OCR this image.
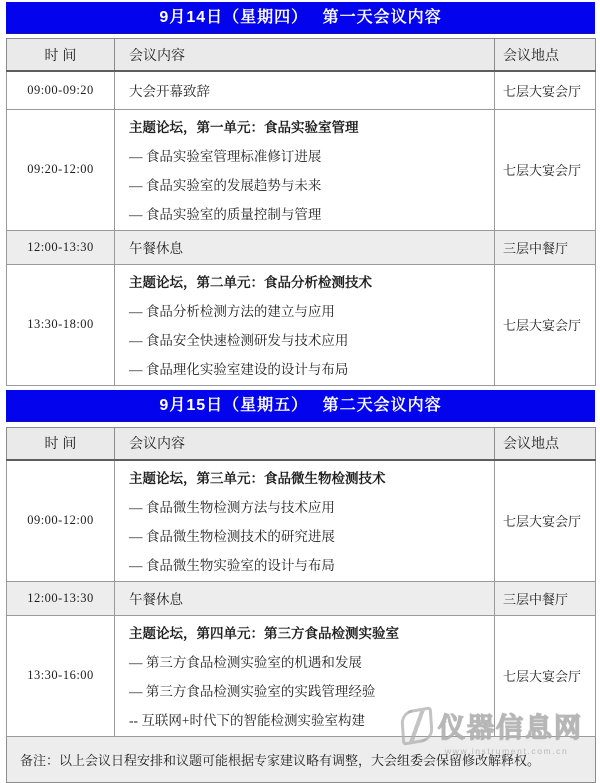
9月14日（星期四）　 第一天会议内容
时 间	会议内容	会议地点
09:00-09:20	大会开幕致辞	七层大宴会厅
09:20-12:00	主题论坛，第一单元：食品实验室管理
— 食品实验室管理标准修订进展
— 食品实验室的发展趋势与未来
— 食品实验室的质量控制与管理	七层大宴会厅
12:00-13:30	午餐休息	三层中餐厅
13:30-18:00	主题论坛，第二单元：食品分析检测技术
— 食品分析检测方法的建立与应用
— 食品安全快速检测研发与技术应用
— 食品理化实验室建设的设计与布局	七层大宴会厅
9月15日（星期五）　 第二天会议内容
时 间	会议内容	会议地点
09:00-12:00	主题论坛，第三单元：食品微生物检测技术
— 食品微生物检测方法与技术应用
— 食品微生物检测技术的研究进展
— 食品微生物实验室的设计与布局	七层大宴会厅
12:00-13:30	午餐休息	三层中餐厅
13:30-16:00	主题论坛，第四单元：第三方食品检测实验室
— 第三方食品检测实验室的机遇和发展
— 第三方食品检测实验室的实践管理经验
-- 互联网+时代下的智能检测实验室构建	七层大宴会厅
备注：以上会议日程安排和议题可能根据专家建议略有调整，大会组委会保留修改解释权。		
仪器信息网
www.instrument.com.cn
